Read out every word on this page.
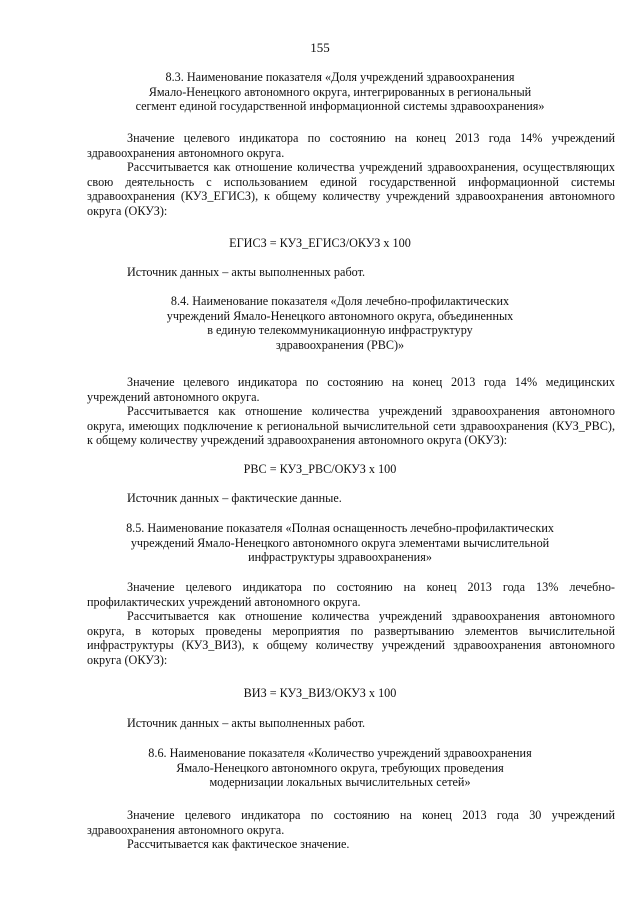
155
8.3. Наименование показателя «Доля учреждений здравоохранения
Ямало-Ненецкого автономного округа, интегрированных в региональный
сегмент единой государственной информационной системы здравоохранения»

Значение целевого индикатора по состоянию на конец 2013 года 14% учреждений здравоохранения автономного округа.

Рассчитывается как отношение количества учреждений здравоохранения, осуществляющих свою деятельность с использованием единой государственной информационной системы здравоохранения (КУЗ_ЕГИСЗ), к общему количеству учреждений здравоохранения автономного округа (ОКУЗ):

ЕГИСЗ = КУЗ_ЕГИСЗ/ОКУЗ х 100
Источник данных – акты выполненных работ.
8.4. Наименование показателя «Доля лечебно-профилактических
учреждений Ямало-Ненецкого автономного округа, объединенных
в единую телекоммуникационную инфраструктуру
здравоохранения (РВС)»

Значение целевого индикатора по состоянию на конец 2013 года 14% медицинских учреждений автономного округа.

Рассчитывается как отношение количества учреждений здравоохранения автономного округа, имеющих подключение к региональной вычислительной сети здравоохранения (КУЗ_РВС), к общему количеству учреждений здравоохранения автономного округа (ОКУЗ):

РВС = КУЗ_РВС/ОКУЗ х 100
Источник данных – фактические данные.
8.5. Наименование показателя «Полная оснащенность лечебно-профилактических
учреждений Ямало-Ненецкого автономного округа элементами вычислительной
инфраструктуры здравоохранения»

Значение целевого индикатора по состоянию на конец 2013 года 13% лечебно-профилактических учреждений автономного округа.

Рассчитывается как отношение количества учреждений здравоохранения автономного округа, в которых проведены мероприятия по развертыванию элементов вычислительной инфраструктуры (КУЗ_ВИЗ), к общему количеству учреждений здравоохранения автономного округа (ОКУЗ):

ВИЗ = КУЗ_ВИЗ/ОКУЗ х 100
Источник данных – акты выполненных работ.
8.6. Наименование показателя «Количество учреждений здравоохранения
Ямало-Ненецкого автономного округа, требующих проведения
модернизации локальных вычислительных сетей»

Значение целевого индикатора по состоянию на конец 2013 года 30 учреждений здравоохранения автономного округа.

Рассчитывается как фактическое значение.
